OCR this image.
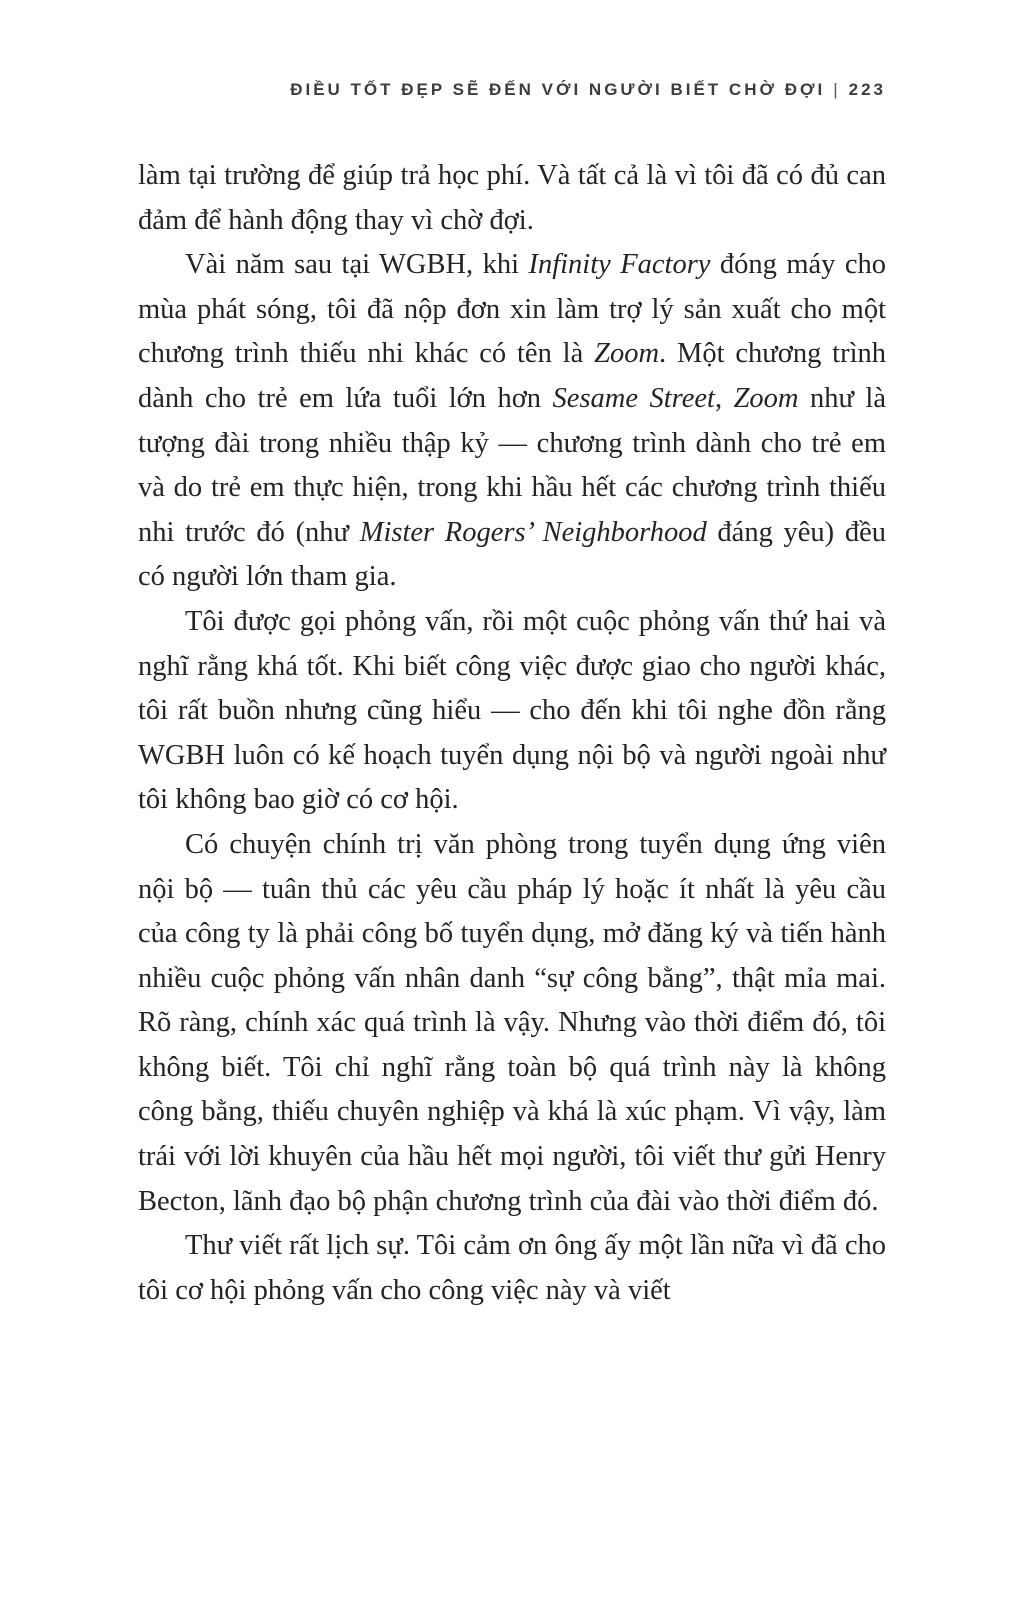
ĐIỀU TỐT ĐẸP SẼ ĐẾN VỚI NGƯỜI BIẾT CHỜ ĐỢI | 223

làm tại trường để giúp trả học phí. Và tất cả là vì tôi đã có đủ can đảm để hành động thay vì chờ đợi.

Vài năm sau tại WGBH, khi Infinity Factory đóng máy cho mùa phát sóng, tôi đã nộp đơn xin làm trợ lý sản xuất cho một chương trình thiếu nhi khác có tên là Zoom. Một chương trình dành cho trẻ em lứa tuổi lớn hơn Sesame Street, Zoom như là tượng đài trong nhiều thập kỷ — chương trình dành cho trẻ em và do trẻ em thực hiện, trong khi hầu hết các chương trình thiếu nhi trước đó (như Mister Rogers’ Neighborhood đáng yêu) đều có người lớn tham gia.

Tôi được gọi phỏng vấn, rồi một cuộc phỏng vấn thứ hai và nghĩ rằng khá tốt. Khi biết công việc được giao cho người khác, tôi rất buồn nhưng cũng hiểu — cho đến khi tôi nghe đồn rằng WGBH luôn có kế hoạch tuyển dụng nội bộ và người ngoài như tôi không bao giờ có cơ hội.

Có chuyện chính trị văn phòng trong tuyển dụng ứng viên nội bộ — tuân thủ các yêu cầu pháp lý hoặc ít nhất là yêu cầu của công ty là phải công bố tuyển dụng, mở đăng ký và tiến hành nhiều cuộc phỏng vấn nhân danh “sự công bằng”, thật mỉa mai. Rõ ràng, chính xác quá trình là vậy. Nhưng vào thời điểm đó, tôi không biết. Tôi chỉ nghĩ rằng toàn bộ quá trình này là không công bằng, thiếu chuyên nghiệp và khá là xúc phạm. Vì vậy, làm trái với lời khuyên của hầu hết mọi người, tôi viết thư gửi Henry Becton, lãnh đạo bộ phận chương trình của đài vào thời điểm đó.

Thư viết rất lịch sự. Tôi cảm ơn ông ấy một lần nữa vì đã cho tôi cơ hội phỏng vấn cho công việc này và viết
